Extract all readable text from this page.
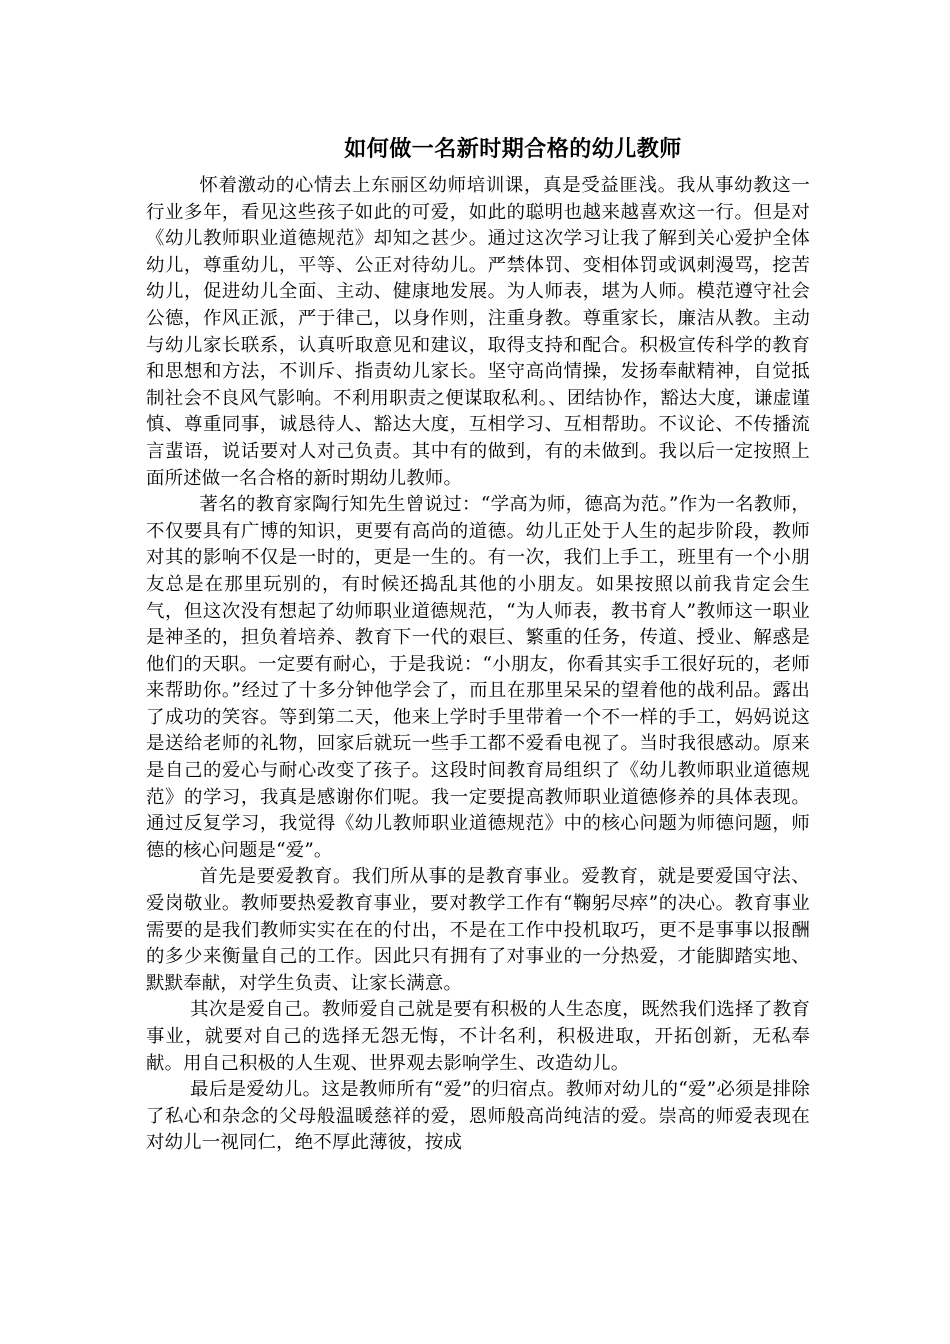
如何做一名新时期合格的幼儿教师

怀着激动的心情去上东丽区幼师培训课，真是受益匪浅。我从事幼教这一行业多年，看见这些孩子如此的可爱，如此的聪明也越来越喜欢这一行。但是对《幼儿教师职业道德规范》却知之甚少。通过这次学习让我了解到关心爱护全体幼儿，尊重幼儿，平等、公正对待幼儿。严禁体罚、变相体罚或讽刺漫骂，挖苦幼儿，促进幼儿全面、主动、健康地发展。为人师表，堪为人师。模范遵守社会公德，作风正派，严于律己，以身作则，注重身教。尊重家长，廉洁从教。主动与幼儿家长联系，认真听取意见和建议，取得支持和配合。积极宣传科学的教育和思想和方法，不训斥、指责幼儿家长。坚守高尚情操，发扬奉献精神，自觉抵制社会不良风气影响。不利用职责之便谋取私利。、团结协作，豁达大度，谦虚谨慎、尊重同事，诚恳待人、豁达大度，互相学习、互相帮助。不议论、不传播流言蜚语，说话要对人对己负责。其中有的做到，有的未做到。我以后一定按照上面所述做一名合格的新时期幼儿教师。

著名的教育家陶行知先生曾说过：“学高为师，德高为范。”作为一名教师，不仅要具有广博的知识，更要有高尚的道德。幼儿正处于人生的起步阶段，教师对其的影响不仅是一时的，更是一生的。有一次，我们上手工，班里有一个小朋友总是在那里玩别的，有时候还捣乱其他的小朋友。如果按照以前我肯定会生气，但这次没有想起了幼师职业道德规范，“为人师表，教书育人”教师这一职业是神圣的，担负着培养、教育下一代的艰巨、繁重的任务，传道、授业、解惑是他们的天职。一定要有耐心，于是我说：“小朋友，你看其实手工很好玩的，老师来帮助你。”经过了十多分钟他学会了，而且在那里呆呆的望着他的战利品。露出了成功的笑容。等到第二天，他来上学时手里带着一个不一样的手工，妈妈说这是送给老师的礼物，回家后就玩一些手工都不爱看电视了。当时我很感动。原来是自己的爱心与耐心改变了孩子。这段时间教育局组织了《幼儿教师职业道德规范》的学习，我真是感谢你们呢。我一定要提高教师职业道德修养的具体表现。通过反复学习，我觉得《幼儿教师职业道德规范》中的核心问题为师德问题，师德的核心问题是“爱”。

首先是要爱教育。我们所从事的是教育事业。爱教育，就是要爱国守法、爱岗敬业。教师要热爱教育事业，要对教学工作有“鞠躬尽瘁”的决心。教育事业需要的是我们教师实实在在的付出，不是在工作中投机取巧，更不是事事以报酬的多少来衡量自己的工作。因此只有拥有了对事业的一分热爱，才能脚踏实地、默默奉献，对学生负责、让家长满意。

其次是爱自己。教师爱自己就是要有积极的人生态度，既然我们选择了教育事业，就要对自己的选择无怨无悔，不计名利，积极进取，开拓创新，无私奉献。用自己积极的人生观、世界观去影响学生、改造幼儿。

最后是爱幼儿。这是教师所有“爱”的归宿点。教师对幼儿的“爱”必须是排除了私心和杂念的父母般温暖慈祥的爱，恩师般高尚纯洁的爱。崇高的师爱表现在对幼儿一视同仁，绝不厚此薄彼，按成
